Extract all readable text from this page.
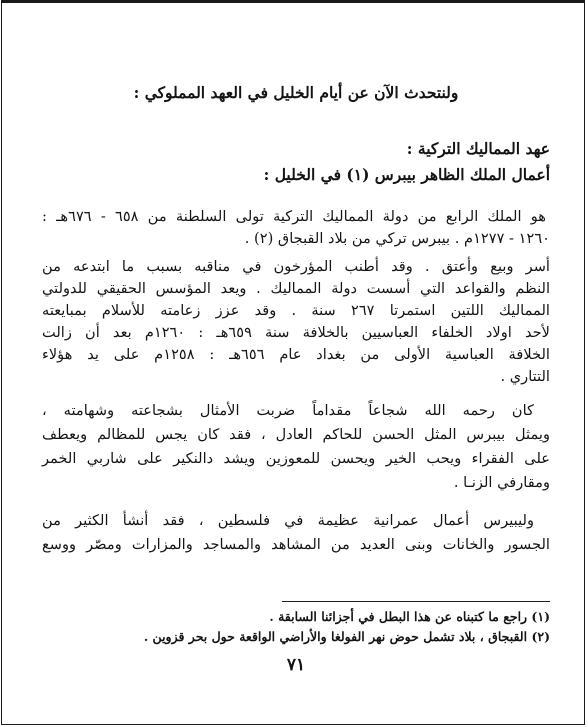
ولنتحدث الآن عن أيام الخليل في العهد المملوكي :
عهد المماليك التركية :
أعمال الملك الظاهر بيبرس (١) في الخليل :
هو الملك الرابع من دولة المماليك التركية تولى السلطنة من ٦٥٨ - ٦٧٦هـ :
١٢٦٠ - ١٢٧٧م . بيبرس تركي من بلاد القبجاق (٢) .
أسر وبيع وأعتق . وقد أطنب المؤرخون في مناقبه بسبب ما ابتدعه من
النظم والقواعد التي أسست دولة المماليك . ويعد المؤسس الحقيقي للدولتي
المماليك اللتين استمرتا ٢٦٧ سنة . وقد عزز زعامته للأسلام بمبايعته
لأحد اولاد الخلفاء العباسيين بالخلافة سنة ٦٥٩هـ : ١٢٦٠م بعد أن زالت
الخلافة العباسية الأولى من بغداد عام ٦٥٦هـ : ١٢٥٨م على يد هؤلاء
التتاري .
كان رحمه الله شجاعاً مقداماً ضربت الأمثال بشجاعته وشهامته ،
ويمثل بيبرس المثل الحسن للحاكم العادل ، فقد كان يجس للمظالم ويعطف
على الفقراء ويحب الخير ويحسن للمعوزين ويشد دالنكير على شاربي الخمر
ومقارفي الزنـا .
وليبيرس أعمال عمرانية عظيمة في فلسطين ، فقد أنشأ الكثير من
الجسور والخانات وبنى العديد من المشاهد والمساجد والمزارات ومصّر ووسع
(١) راجع ما كتبناه عن هذا البطل في أجزائنا السابقة .
(٢) القبجاق ، بلاد تشمل حوض نهر الفولغا والأراضي الواقعة حول بحر قزوين .
٧١
